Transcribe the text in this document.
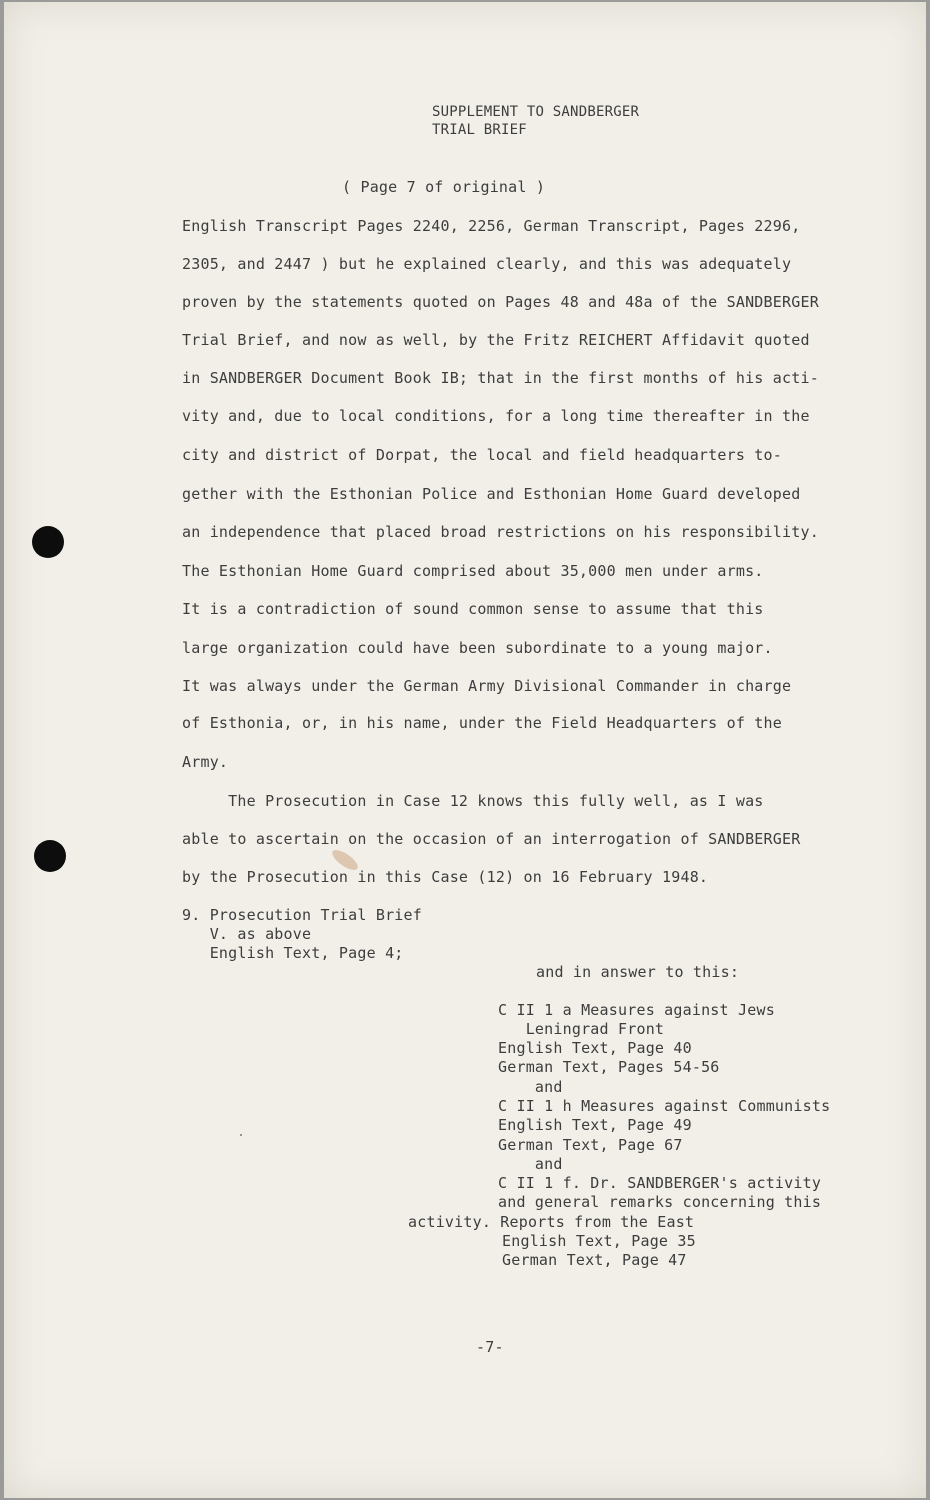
SUPPLEMENT TO SANDBERGER
TRIAL BRIEF
( Page 7 of original )
English Transcript Pages 2240, 2256, German Transcript, Pages 2296,
2305, and 2447 ) but he explained clearly, and this was adequately
proven by the statements quoted on Pages 48 and 48a of the SANDBERGER
Trial Brief, and now as well, by the Fritz REICHERT Affidavit quoted
in SANDBERGER Document Book IB; that in the first months of his acti-
vity and, due to local conditions, for a long time thereafter in the
city and district of Dorpat, the local and field headquarters to-
gether with the Esthonian Police and Esthonian Home Guard developed
an independence that placed broad restrictions on his responsibility.
The Esthonian Home Guard comprised about 35,000 men under arms.
It is a contradiction of sound common sense to assume that this
large organization could have been subordinate to a young major.
It was always under the German Army Divisional Commander in charge
of Esthonia, or, in his name, under the Field Headquarters of the
Army.
The Prosecution in Case 12 knows this fully well, as I was
able to ascertain on the occasion of an interrogation of SANDBERGER
by the Prosecution in this Case (12) on 16 February 1948.
9. Prosecution Trial Brief
V. as above
English Text, Page 4;
and in answer to this:
C II 1 a Measures against Jews
Leningrad Front
English Text, Page 40
German Text, Pages 54-56
and
C II 1 h Measures against Communists
English Text, Page 49
German Text, Page 67
and
C II 1 f. Dr. SANDBERGER's activity
and general remarks concerning this
activity. Reports from the East
English Text, Page 35
German Text, Page 47
-7-
